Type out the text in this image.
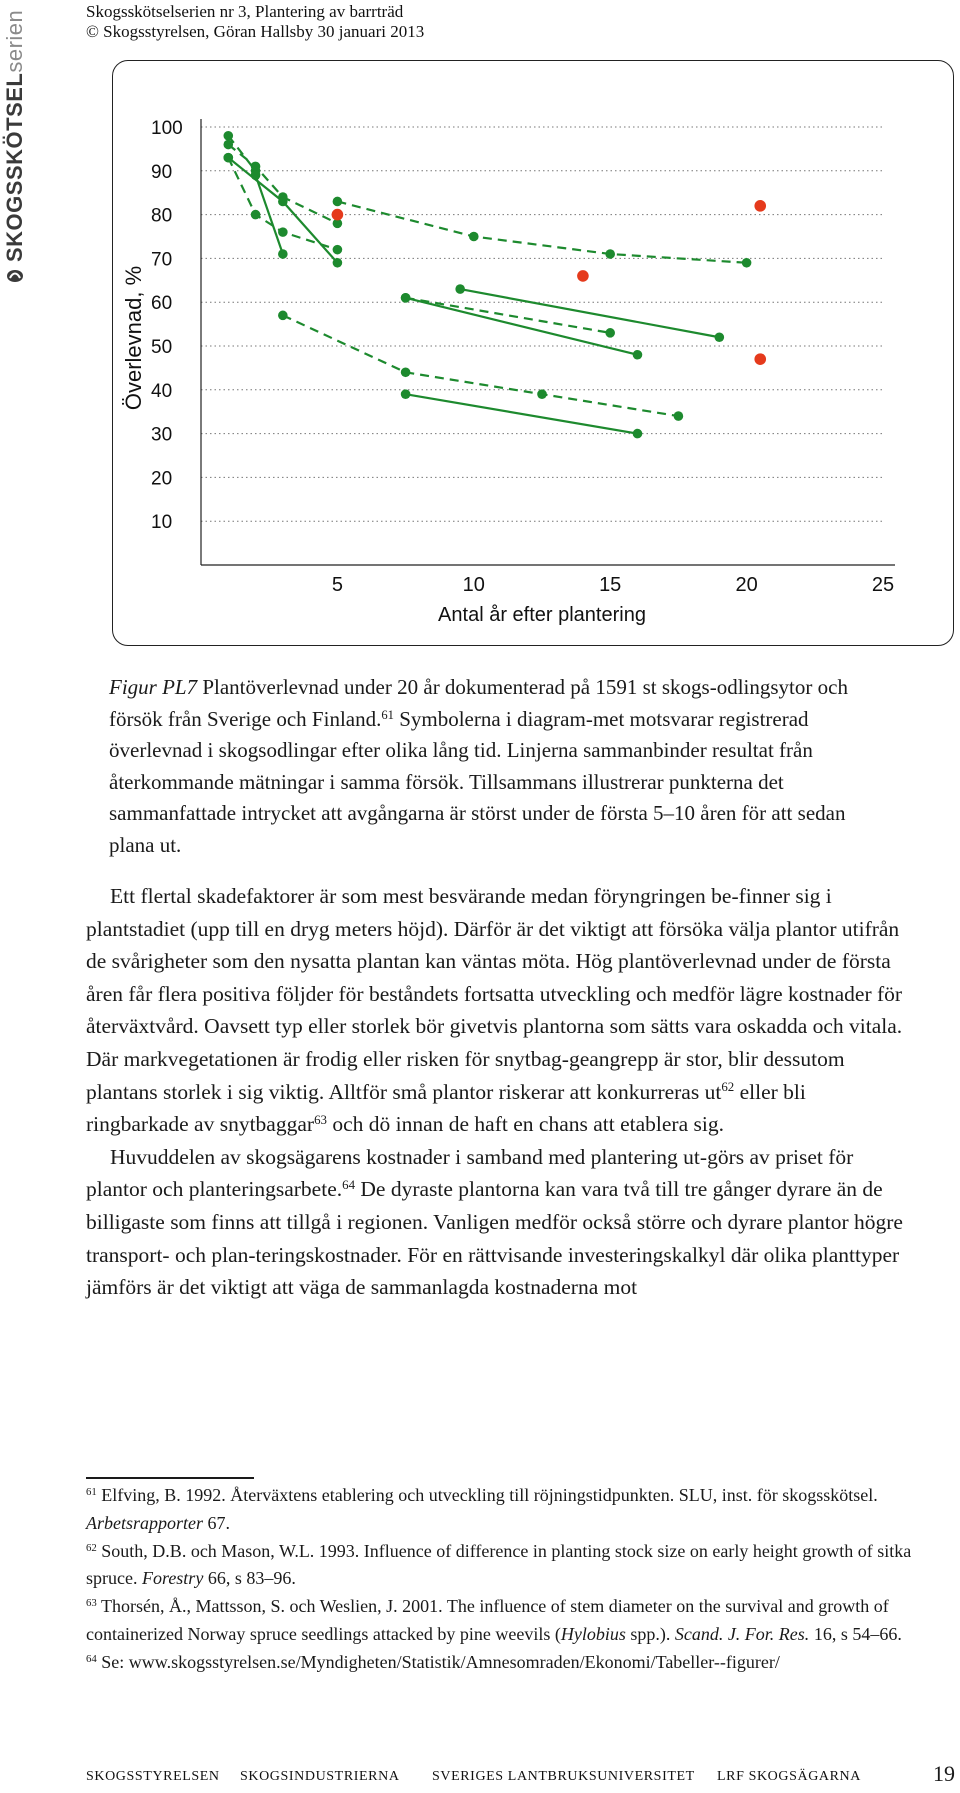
SKOGSSKÖTSELserien	Skogsskötselserien nr 3, Plantering av barrträd
© Skogsstyrelsen, Göran Hallsby 30 januari 2013
10
20
30
40
50
60
70
80
90
100
5	10	15	20	25
Antal år efter plantering
Överlevnad, %
Figur PL7 Plantöverlevnad under 20 år dokumenterad på 1591 st skogs-odlingsytor och försök från Sverige och Finland.$^{61}$ Symbolerna i diagram-met motsvarar registrerad överlevnad i skogsodlingar efter olika lång tid. Linjerna sammanbinder resultat från återkommande mätningar i samma försök. Tillsammans illustrerar punkterna det sammanfattade intrycket att avgångarna är störst under de första 5–10 åren för att sedan plana ut.

Ett flertal skadefaktorer är som mest besvärande medan föryngringen be-finner sig i plantstadiet (upp till en dryg meters höjd). Därför är det viktigt att försöka välja plantor utifrån de svårigheter som den nysatta plantan kan väntas möta. Hög plantöverlevnad under de första åren får flera positiva följder för beståndets fortsatta utveckling och medför lägre kostnader för återväxtvård. Oavsett typ eller storlek bör givetvis plantorna som sätts vara oskadda och vitala. Där markvegetationen är frodig eller risken för snytbag-geangrepp är stor, blir dessutom plantans storlek i sig viktig. Alltför små plantor riskerar att konkurreras $ut^{62}$ eller bli ringbarkade av snytbaggar$^{63}$ och dö innan de haft en chans att etablera sig.

Huvuddelen av skogsägarens kostnader i samband med plantering ut-görs av priset för plantor och planteringsarbete.$^{64}$ De dyraste plantorna kan vara två till tre gånger dyrare än de billigaste som finns att tillgå i regionen. Vanligen medför också större och dyrare plantor högre transport- och plan-teringskostnader. För en rättvisande investeringskalkyl där olika planttyper jämförs är det viktigt att väga de sammanlagda kostnaderna mot

$^{61}$ Elfving, B. 1992. Återväxtens etablering och utveckling till röjningstidpunkten. SLU, inst. för skogsskötsel. Arbetsrapporter 67.

$^{62}$ South, D.B. och Mason, W.L. 1993. Influence of difference in planting stock size on early height growth of sitka spruce. Forestry 66, s 83–96.

$^{63}$ Thorsén, Å., Mattsson, S. och Weslien, J. 2001. The influence of stem diameter on the survival and growth of containerized Norway spruce seedlings attacked by pine weevils (Hylobius spp.). Scand. J. For. Res. 16, s 54–66.

$^{64}$ Se: www.skogsstyrelsen.se/Myndigheten/Statistik/Amnesomraden/Ekonomi/Tabeller--figurer/

SKOGSSTYRELSEN SKOGSINDUSTRIERNA SVERIGES LANTBRUKSUNIVERSITET LRF SKOGSÄGARNA	19
